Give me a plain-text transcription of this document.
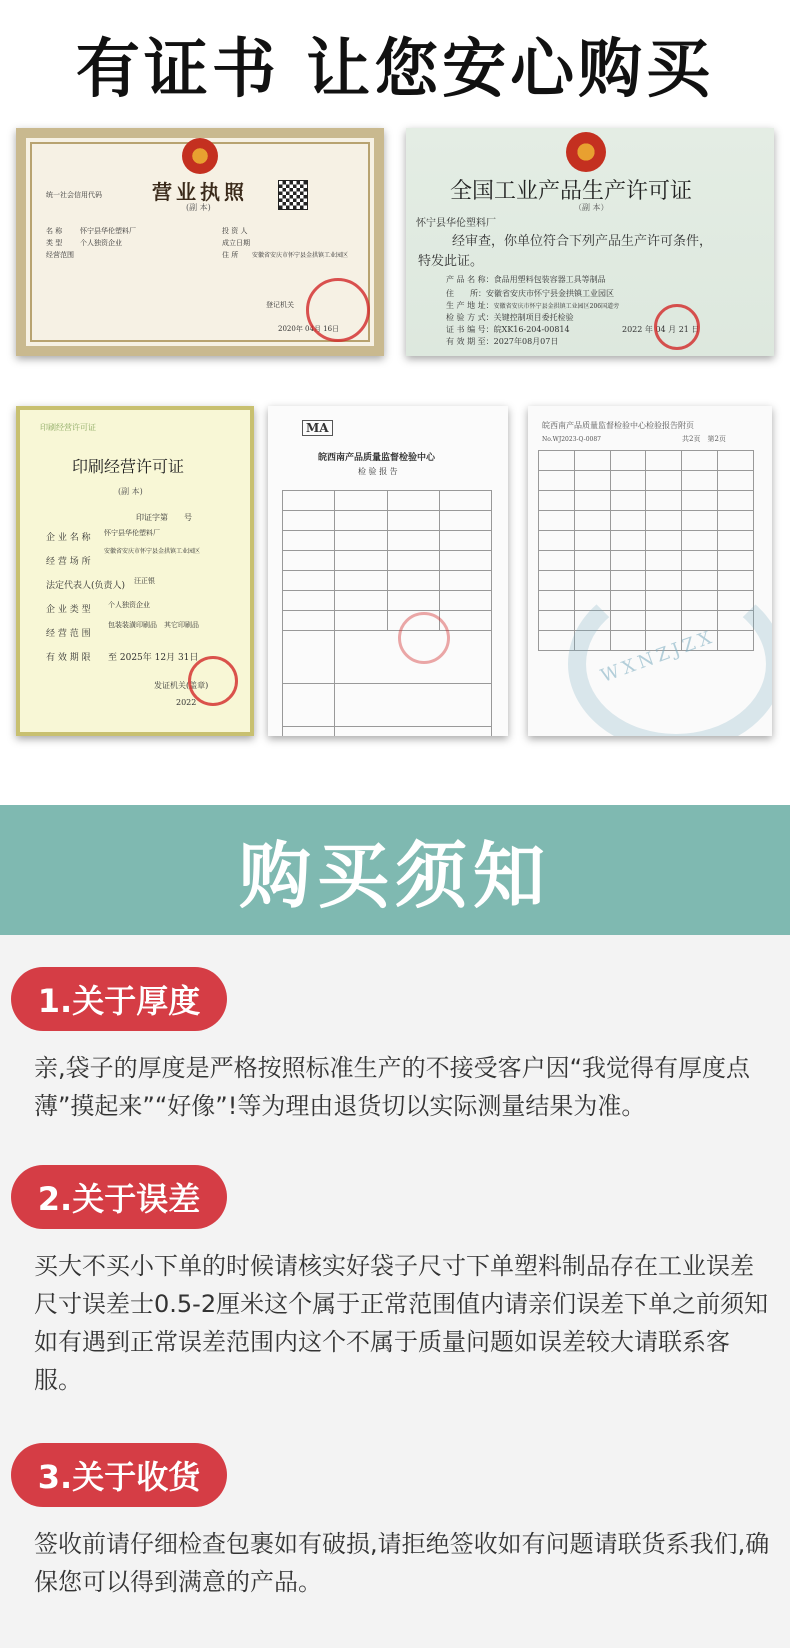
有证书 让您安心购买
营业执照
(副 本)
统一社会信用代码
名 称	怀宁县华伦塑料厂
类 型	个人独资企业
经营范围
投 资 人
成立日期
住 所 安徽省安庆市怀宁县金拱镇工业园区
登记机关
2020年 04月 16日
全国工业产品生产许可证
（副 本）
怀宁县华伦塑料厂
经审查，你单位符合下列产品生产许可条件，
特发此证。
产 品 名 称：食品用塑料包装容器工具等制品
住　　所：安徽省安庆市怀宁县金拱镇工业园区
生 产 地 址：安徽省安庆市怀宁县金拱镇工业园区206国道旁
检 验 方 式：关键控制项目委托检验
证 书 编 号：皖XK16-204-00814
有 效 期 至：2027年08月07日
2022 年 04 月 21 日
印刷经营许可证
印刷经营许可证
(副 本)
印证字第　　 号
企 业 名 称 怀宁县华伦塑料厂
经 营 场 所
安徽省安庆市怀宁县金拱镇工业园区
法定代表人(负责人) 汪正银
企 业 类 型 个人独资企业
经 营 范 围
包装装潢印刷品　其它印刷品
有 效 期 限 至 2025年 12月 31日
发证机关(盖章)
2022
MA
皖西南产品质量监督检验中心
检 验 报 告

皖西南产品质量监督检验中心检验报告附页
共2页　第2页
No.WJ2023-Q-0087

WXNZJZX
购买须知
1.关于厚度
亲,袋子的厚度是严格按照标准生产的不接受客户因“我觉得有厚度点薄”摸起来”“好像”!等为理由退货切以实际测量结果为准。
2.关于误差
买大不买小下单的时候请核实好袋子尺寸下单塑料制品存在工业误差尺寸误差士0.5-2厘米这个属于正常范围值内请亲们误差下单之前须知如有遇到正常误差范围内这个不属于质量问题如误差较大请联系客服。
3.关于收货
签收前请仔细检查包裹如有破损,请拒绝签收如有问题请联货系我们,确保您可以得到满意的产品。
